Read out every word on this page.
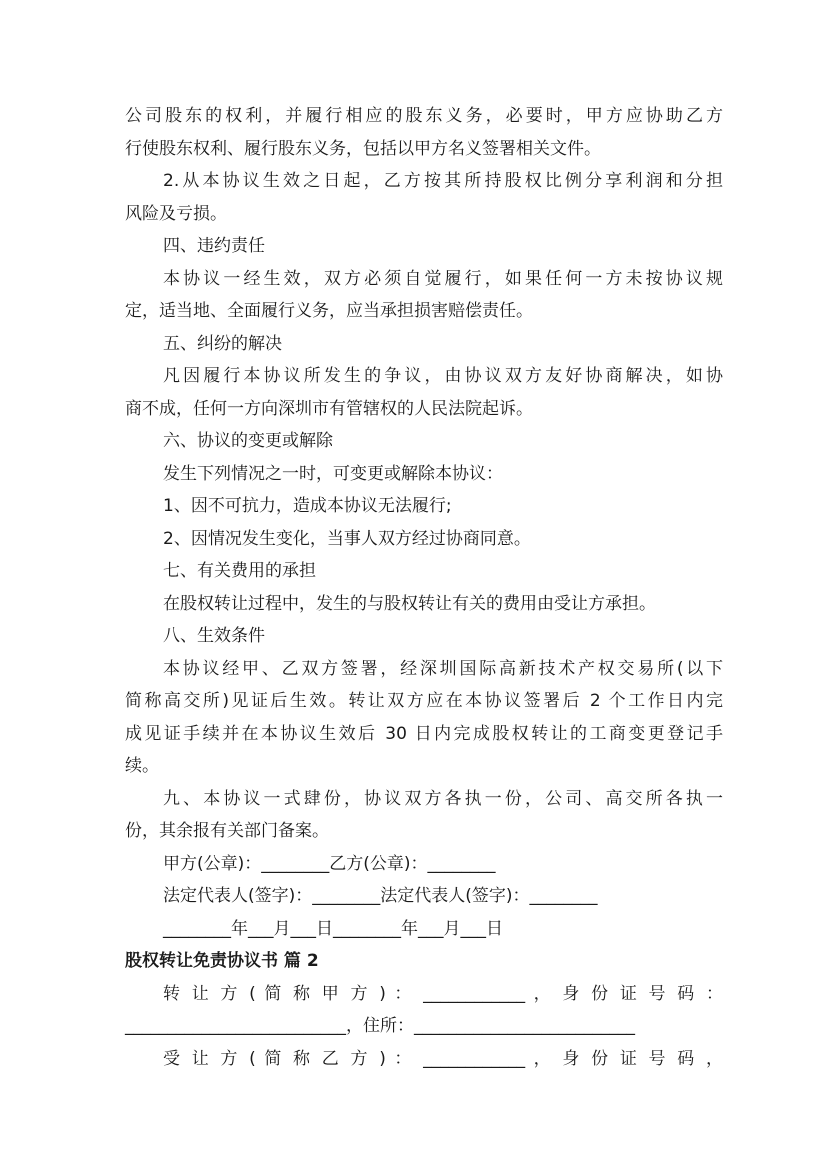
公司股东的权利，并履行相应的股东义务，必要时，甲方应协助乙方
行使股东权利、履行股东义务，包括以甲方名义签署相关文件。
2.从本协议生效之日起，乙方按其所持股权比例分享利润和分担
风险及亏损。
四、违约责任
本协议一经生效，双方必须自觉履行，如果任何一方未按协议规
定，适当地、全面履行义务，应当承担损害赔偿责任。
五、纠纷的解决
凡因履行本协议所发生的争议，由协议双方友好协商解决，如协
商不成，任何一方向深圳市有管辖权的人民法院起诉。
六、协议的变更或解除
发生下列情况之一时，可变更或解除本协议：
1、因不可抗力，造成本协议无法履行;
2、因情况发生变化，当事人双方经过协商同意。
七、有关费用的承担
在股权转让过程中，发生的与股权转让有关的费用由受让方承担。
八、生效条件
本协议经甲、乙双方签署，经深圳国际高新技术产权交易所(以下
简称高交所)见证后生效。转让双方应在本协议签署后 2 个工作日内完
成见证手续并在本协议生效后 30 日内完成股权转让的工商变更登记手
续。
九、本协议一式肆份，协议双方各执一份，公司、高交所各执一
份，其余报有关部门备案。
甲方(公章)：________乙方(公章)：________
法定代表人(签字)：________法定代表人(签字)：________
________年___月___日________年___月___日
股权转让免责协议书 篇 2
转 让 方 ( 简 称 甲 方 ) ： ____________ ， 身 份 证 号 码 ：
__________________________，住所：__________________________
受 让 方 ( 简 称 乙 方 ) ： ____________ ， 身 份 证 号 码 ，
